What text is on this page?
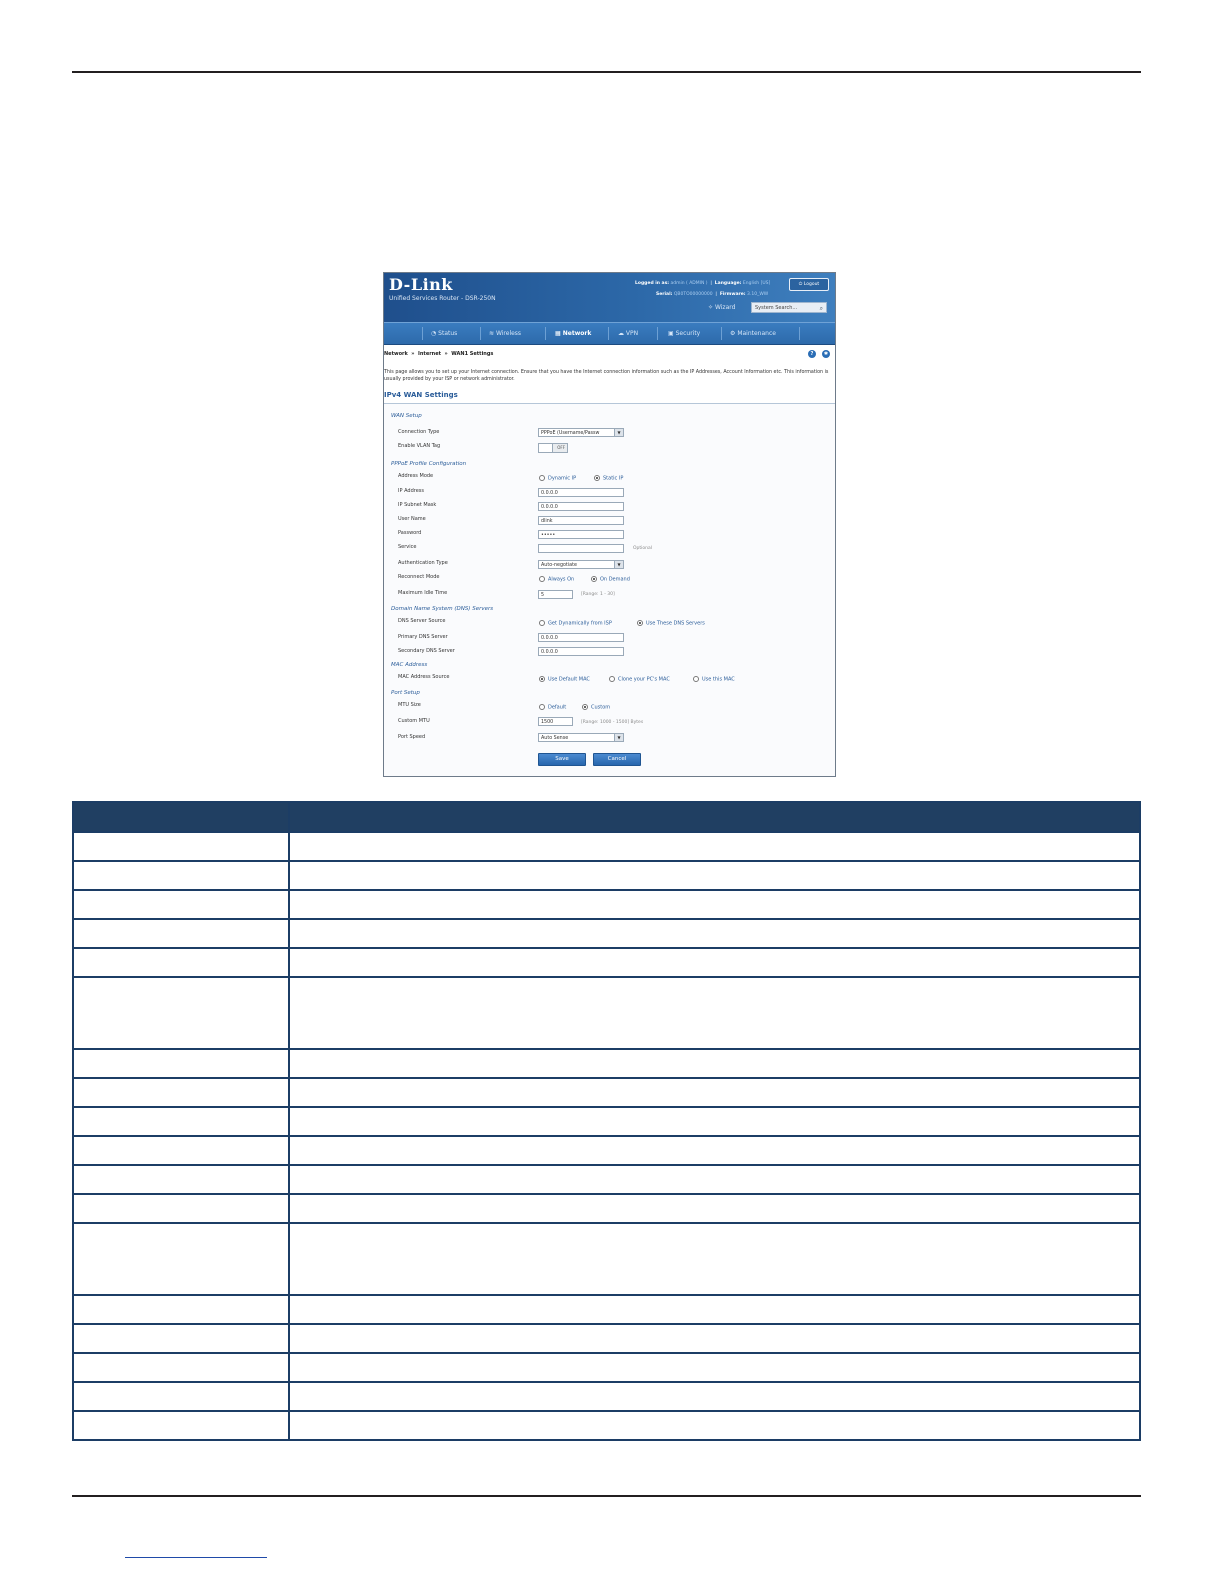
D-Link
Unified Services Router - DSR-250N
Logged in as: admin ( ADMIN )  |  Language: English [US]
Serial: QB0TO00000000  |  Firmware: 3.10_WW
⏻ Logout
✧ Wizard	System Search...	⌕
◔ Status	≋ Wireless	▦ Network	☁ VPN	▣ Security	⚙ Maintenance
Network  »  Internet  »  WAN1 Settings	?	✱
This page allows you to set up your Internet connection. Ensure that you have the Internet connection information such as the IP Addresses, Account Information etc. This information is usually provided by your ISP or network administrator.
IPv4 WAN Settings
WAN Setup
Connection Type	PPPoE (Username/Passw	▼
Enable VLAN Tag	OFF
PPPoE Profile Configuration
Address Mode	Dynamic IP	Static IP
IP Address	0.0.0.0
IP Subnet Mask	0.0.0.0
User Name	dlink
Password	•••••
Service	Optional
Authentication Type	Auto-negotiate	▼
Reconnect Mode	Always On	On Demand
Maximum Idle Time	5	[Range: 1 - 30]
Domain Name System (DNS) Servers
DNS Server Source	Get Dynamically from ISP	Use These DNS Servers
Primary DNS Server	0.0.0.0
Secondary DNS Server	0.0.0.0
MAC Address
MAC Address Source	Use Default MAC	Clone your PC's MAC	Use this MAC
Port Setup
MTU Size	Default	Custom
Custom MTU	1500	[Range: 1000 - 1500] Bytes
Port Speed	Auto Sense	▼
Save	Cancel
